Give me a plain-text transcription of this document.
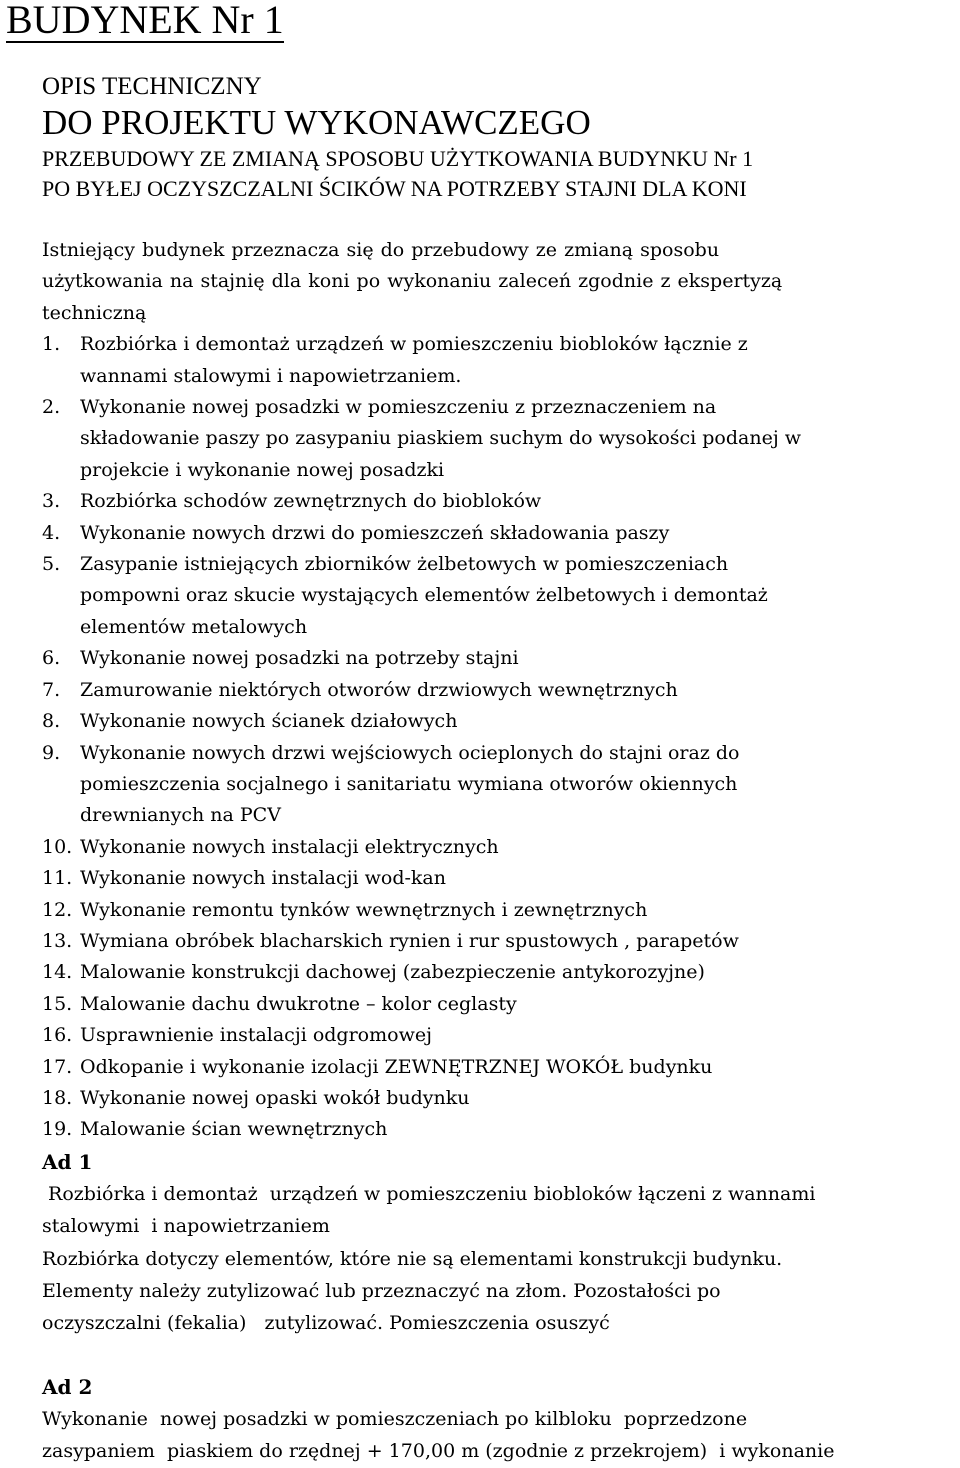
BUDYNEK Nr 1
OPIS TECHNICZNY
DO PROJEKTU WYKONAWCZEGO
PRZEBUDOWY ZE ZMIANĄ SPOSOBU UŻYTKOWANIA BUDYNKU Nr 1
PO BYŁEJ OCZYSZCZALNI ŚCIKÓW NA POTRZEBY STAJNI DLA KONI
Istniejący budynek przeznacza się do przebudowy ze zmianą sposobu
użytkowania na stajnię dla koni po wykonaniu zaleceń zgodnie z ekspertyzą
techniczną
1. Rozbiórka i demontaż urządzeń w pomieszczeniu biobloków łącznie z
wannami stalowymi i napowietrzaniem.
2. Wykonanie nowej posadzki w pomieszczeniu z przeznaczeniem na
składowanie paszy po zasypaniu piaskiem suchym do wysokości podanej w
projekcie i wykonanie nowej posadzki
3. Rozbiórka schodów zewnętrznych do biobloków
4. Wykonanie nowych drzwi do pomieszczeń składowania paszy
5. Zasypanie istniejących zbiorników żelbetowych w pomieszczeniach
pompowni oraz skucie wystających elementów żelbetowych i demontaż
elementów metalowych
6. Wykonanie nowej posadzki na potrzeby stajni
7. Zamurowanie niektórych otworów drzwiowych wewnętrznych
8. Wykonanie nowych ścianek działowych
9. Wykonanie nowych drzwi wejściowych ocieplonych do stajni oraz do
pomieszczenia socjalnego i sanitariatu wymiana otworów okiennych
drewnianych na PCV
10. Wykonanie nowych instalacji elektrycznych
11. Wykonanie nowych instalacji wod-kan
12. Wykonanie remontu tynków wewnętrznych i zewnętrznych
13. Wymiana obróbek blacharskich rynien i rur spustowych , parapetów
14. Malowanie konstrukcji dachowej (zabezpieczenie antykorozyjne)
15. Malowanie dachu dwukrotne – kolor ceglasty
16. Usprawnienie instalacji odgromowej
17. Odkopanie i wykonanie izolacji ZEWNĘTRZNEJ WOKÓŁ budynku
18. Wykonanie nowej opaski wokół budynku
19. Malowanie ścian wewnętrznych
Ad 1
Rozbiórka i demontaż  urządzeń w pomieszczeniu biobloków łączeni z wannami
stalowymi  i napowietrzaniem
Rozbiórka dotyczy elementów, które nie są elementami konstrukcji budynku.
Elementy należy zutylizować lub przeznaczyć na złom. Pozostałości po
oczyszczalni (fekalia)   zutylizować. Pomieszczenia osuszyć
Ad 2
Wykonanie  nowej posadzki w pomieszczeniach po kilbloku  poprzedzone
zasypaniem  piaskiem do rzędnej + 170,00 m (zgodnie z przekrojem)  i wykonanie
